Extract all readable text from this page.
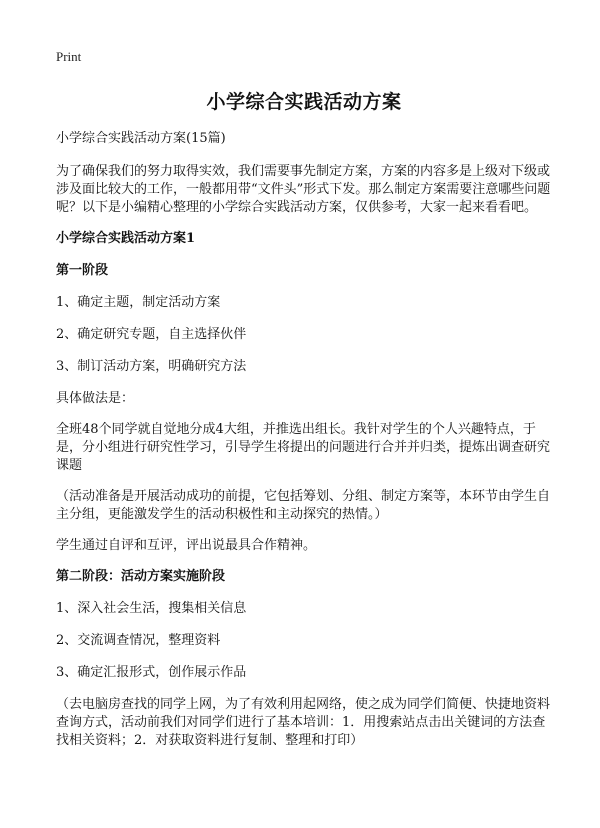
Print
小学综合实践活动方案
小学综合实践活动方案(15篇)

为了确保我们的努力取得实效，我们需要事先制定方案，方案的内容多是上级对下级或涉及面比较大的工作，一般都用带“文件头”形式下发。那么制定方案需要注意哪些问题呢？以下是小编精心整理的小学综合实践活动方案，仅供参考，大家一起来看看吧。

小学综合实践活动方案1
第一阶段
1、确定主题，制定活动方案
2、确定研究专题，自主选择伙伴
3、制订活动方案，明确研究方法

具体做法是：

全班48个同学就自觉地分成4大组，并推选出组长。我针对学生的个人兴趣特点，于是，分小组进行研究性学习，引导学生将提出的问题进行合并并归类，提炼出调查研究课题

（活动准备是开展活动成功的前提，它包括筹划、分组、制定方案等，本环节由学生自主分组，更能激发学生的活动积极性和主动探究的热情。）

学生通过自评和互评，评出说最具合作精神。

第二阶段：活动方案实施阶段
1、深入社会生活，搜集相关信息
2、交流调查情况，整理资料
3、确定汇报形式，创作展示作品

（去电脑房查找的同学上网，为了有效利用起网络，使之成为同学们简便、快捷地资料查询方式，活动前我们对同学们进行了基本培训：1．用搜索站点击出关键词的方法查找相关资料；2．对获取资料进行复制、整理和打印）
